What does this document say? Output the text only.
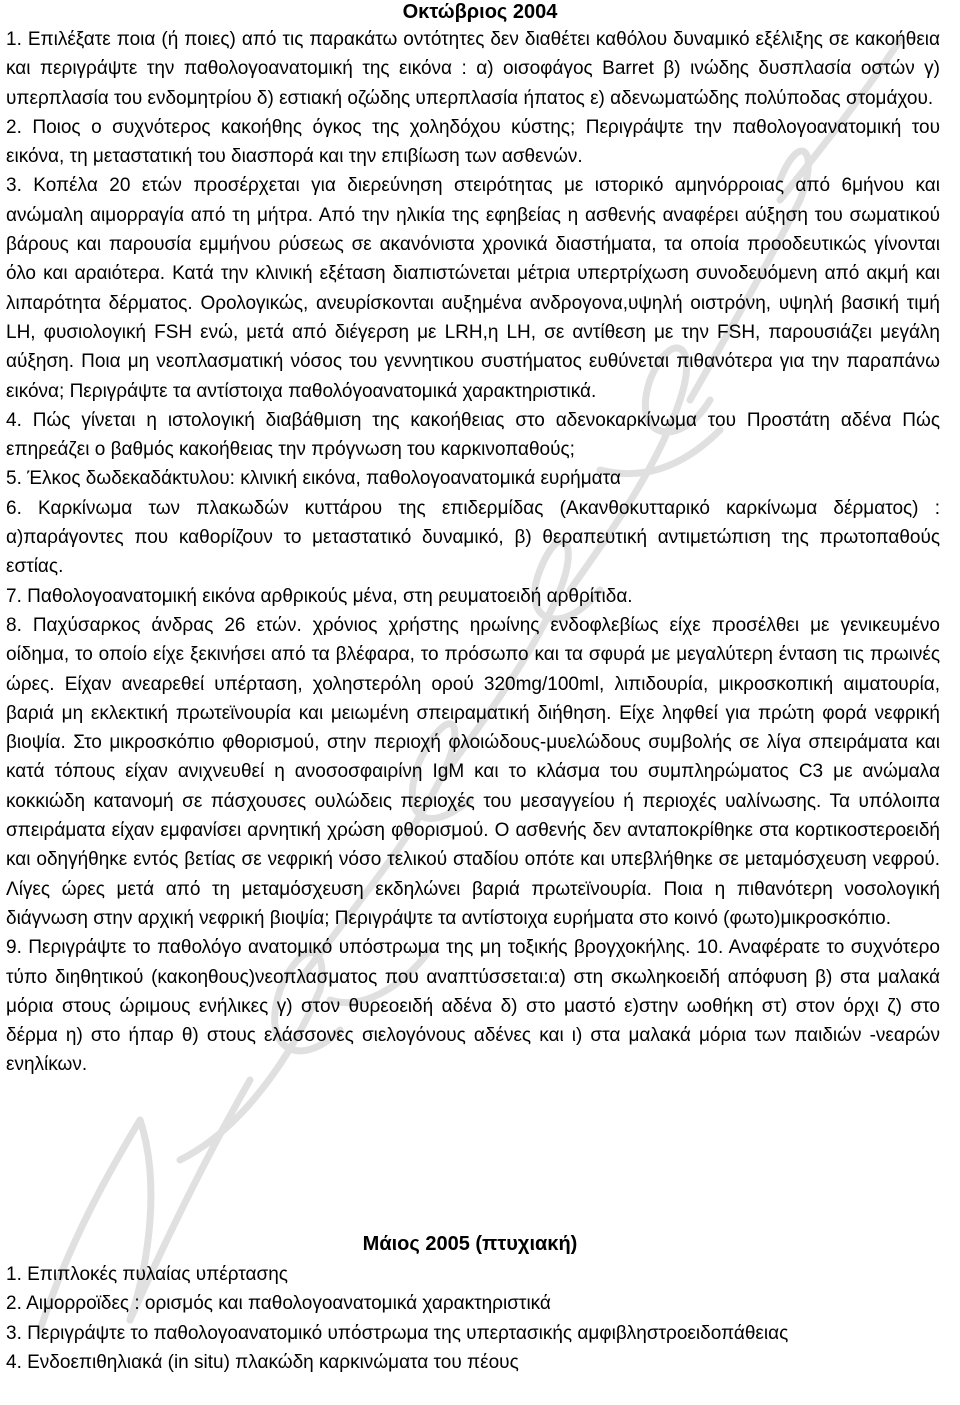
Οκτώβριος 2004

1. Επιλέξατε ποια (ή ποιες) από τις παρακάτω οντότητες δεν διαθέτει καθόλου δυναμικό εξέλιξης σε κακοήθεια και περιγράψτε την παθολογοανατομική της εικόνα : α) οισοφάγος Barret β) ινώδης δυσπλασία οστών γ) υπερπλασία του ενδομητρίου δ) εστιακή οζώδης υπερπλασία ήπατος ε) αδενωματώδης πολύποδας στομάχου.

2. Ποιος ο συχνότερος κακοήθης όγκος της χοληδόχου κύστης; Περιγράψτε την παθολογοανατομική του εικόνα, τη μεταστατική του διασπορά και την επιβίωση των ασθενών.

3. Κοπέλα 20 ετών προσέρχεται για διερεύνηση στειρότητας με ιστορικό αμηνόρροιας από 6μήνου και ανώμαλη αιμορραγία από τη μήτρα. Από την ηλικία της εφηβείας η ασθενής αναφέρει αύξηση του σωματικού βάρους και παρουσία εμμήνου ρύσεως σε ακανόνιστα χρονικά διαστήματα, τα οποία προοδευτικώς γίνονται όλο και αραιότερα. Κατά την κλινική εξέταση διαπιστώνεται μέτρια υπερτρίχωση συνοδευόμενη από ακμή και λιπαρότητα δέρματος. Ορολογικώς, ανευρίσκονται αυξημένα ανδρογονα,υψηλή οιστρόνη, υψηλή βασική τιμή LH, φυσιολογική FSH ενώ, μετά από διέγερση με LRH,η LH, σε αντίθεση με την FSH, παρουσιάζει μεγάλη αύξηση. Ποια μη νεοπλασματική νόσος του γεννητικου συστήματος ευθύνεται πιθανότερα για την παραπάνω εικόνα; Περιγράψτε τα αντίστοιχα παθολόγοανατομικά χαρακτηριστικά.

4. Πώς γίνεται η ιστολογική διαβάθμιση της κακοήθειας στο αδενοκαρκίνωμα του Προστάτη αδένα Πώς επηρεάζει ο βαθμός κακοήθειας την πρόγνωση του καρκινοπαθούς;

5. Έλκος δωδεκαδάκτυλου: κλινική εικόνα, παθολογοανατομικά ευρήματα

6. Καρκίνωμα των πλακωδών κυττάρου της επιδερμίδας (Ακανθοκυτταρικό καρκίνωμα δέρματος) : α)παράγοντες που καθορίζουν το μεταστατικό δυναμικό, β) θεραπευτική αντιμετώπιση της πρωτοπαθούς εστίας.

7. Παθολογοανατομική εικόνα αρθρικούς μένα, στη ρευματοειδή αρθρίτιδα.

8. Παχύσαρκος άνδρας 26 ετών. χρόνιος χρήστης ηρωίνης ενδοφλεβίως είχε προσέλθει με γενικευμένο οίδημα, το οποίο είχε ξεκινήσει από τα βλέφαρα, το πρόσωπο και τα σφυρά με μεγαλύτερη ένταση τις πρωινές ώρες. Είχαν ανεαρεθεί υπέρταση, χοληστερόλη ορού 320mg/100ml, λιπιδουρία, μικροσκοπική αιματουρία, βαριά μη εκλεκτική πρωτεϊνουρία και μειωμένη σπειραματική διήθηση. Είχε ληφθεί για πρώτη φορά νεφρική βιοψία. Στο μικροσκόπιο φθορισμού, στην περιοχή φλοιώδους-μυελώδους συμβολής σε λίγα σπειράματα και κατά τόπους είχαν ανιχνευθεί η ανοσοσφαιρίνη IgM και το κλάσμα του συμπληρώματος C3 με ανώμαλα κοκκιώδη κατανομή σε πάσχουσες ουλώδεις περιοχές του μεσαγγείου ή περιοχές υαλίνωσης. Τα υπόλοιπα σπειράματα είχαν εμφανίσει αρνητική χρώση φθορισμού. Ο ασθενής δεν ανταποκρίθηκε στα κορτικοστεροειδή και οδηγήθηκε εντός βετίας σε νεφρική νόσο τελικού σταδίου οπότε και υπεβλήθηκε σε μεταμόσχευση νεφρού. Λίγες ώρες μετά από τη μεταμόσχευση εκδηλώνει βαριά πρωτεϊνουρία. Ποια η πιθανότερη νοσολογική διάγνωση στην αρχική νεφρική βιοψία; Περιγράψτε τα αντίστοιχα ευρήματα στο κοινό (φωτο)μικροσκόπιο.

9. Περιγράψτε το παθολόγο ανατομικό υπόστρωμα της μη τοξικής βρογχοκήλης. 10. Αναφέρατε το συχνότερο τύπο διηθητικού (κακοηθους)νεοπλασματος που αναπτύσσεται:α) στη σκωληκοειδή απόφυση β) στα μαλακά μόρια στους ώριμους ενήλικες γ) στον θυρεοειδή αδένα δ) στο μαστό ε)στην ωοθήκη στ) στον όρχι ζ) στο δέρμα η) στο ήπαρ θ) στους ελάσσονες σιελογόνους αδένες και ι) στα μαλακά μόρια των παιδιών -νεαρών ενηλίκων.

Μάιος 2005 (πτυχιακή)

1. Επιπλοκές πυλαίας υπέρτασης

2. Αιμορροϊδες : ορισμός και παθολογοανατομικά χαρακτηριστικά

3. Περιγράψτε το παθολογοανατομικό υπόστρωμα της υπερτασικής αμφιβληστροειδοπάθειας

4. Ενδοεπιθηλιακά (in situ) πλακώδη καρκινώματα του πέους
